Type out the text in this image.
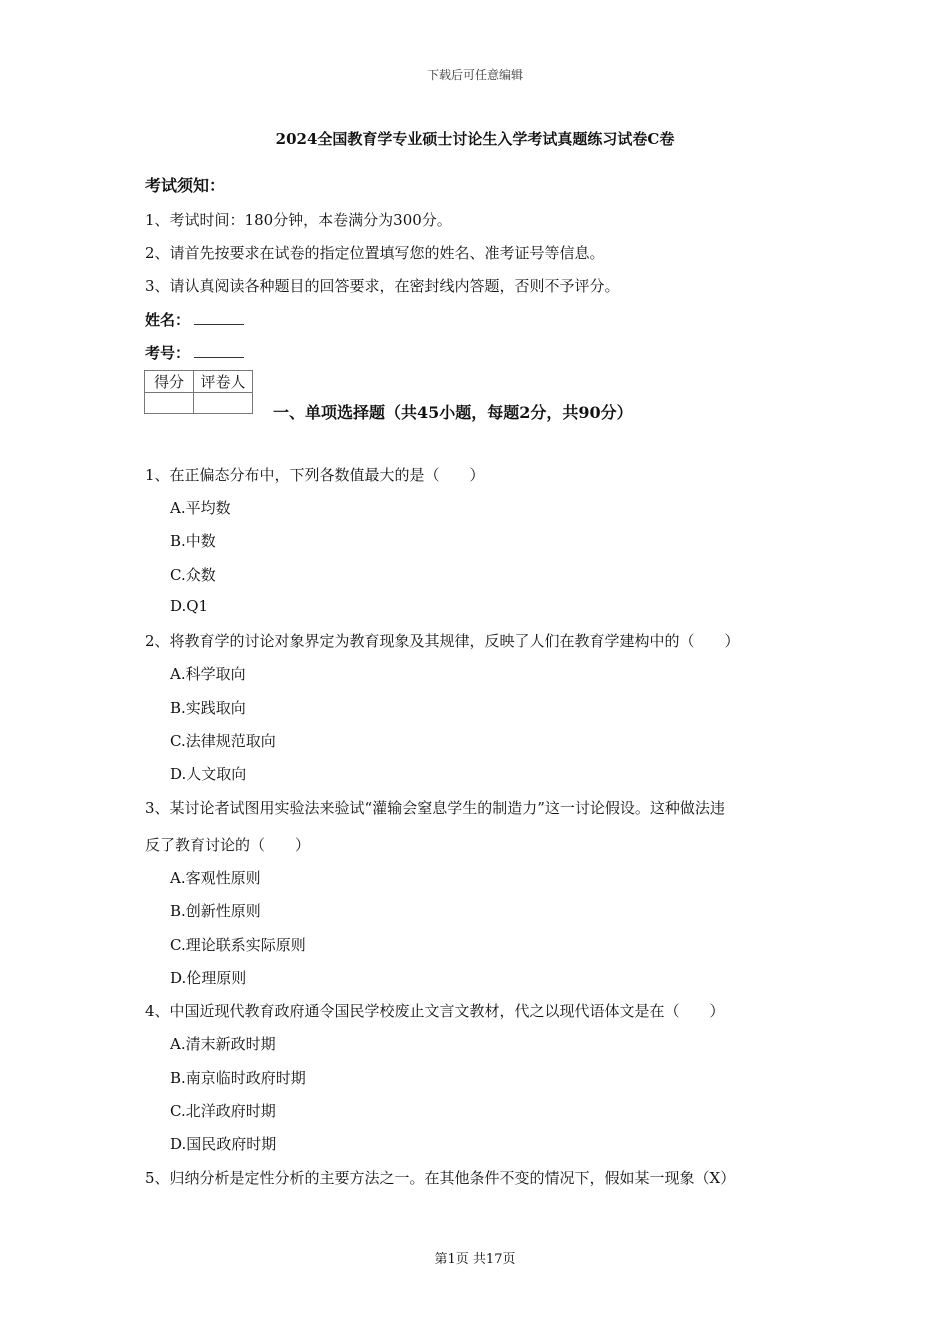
下载后可任意编辑
2024全国教育学专业硕士讨论生入学考试真题练习试卷C卷
考试须知：
1、考试时间：180分钟，本卷满分为300分。
2、请首先按要求在试卷的指定位置填写您的姓名、准考证号等信息。
3、请认真阅读各种题目的回答要求，在密封线内答题，否则不予评分。
姓名：
考号：
得分	评卷人

一、单项选择题（共45小题，每题2分，共90分）
1、在正偏态分布中，下列各数值最大的是（　　）
A.平均数
B.中数
C.众数
D.Q1
2、将教育学的讨论对象界定为教育现象及其规律，反映了人们在教育学建构中的（　　）
A.科学取向
B.实践取向
C.法律规范取向
D.人文取向
3、某讨论者试图用实验法来验试“灌输会窒息学生的制造力”这一讨论假设。这种做法违
反了教育讨论的（　　）
A.客观性原则
B.创新性原则
C.理论联系实际原则
D.伦理原则
4、中国近现代教育政府通令国民学校废止文言文教材，代之以现代语体文是在（　　）
A.清末新政时期
B.南京临时政府时期
C.北洋政府时期
D.国民政府时期
5、归纳分析是定性分析的主要方法之一。在其他条件不变的情况下，假如某一现象（X）
第1页 共17页
